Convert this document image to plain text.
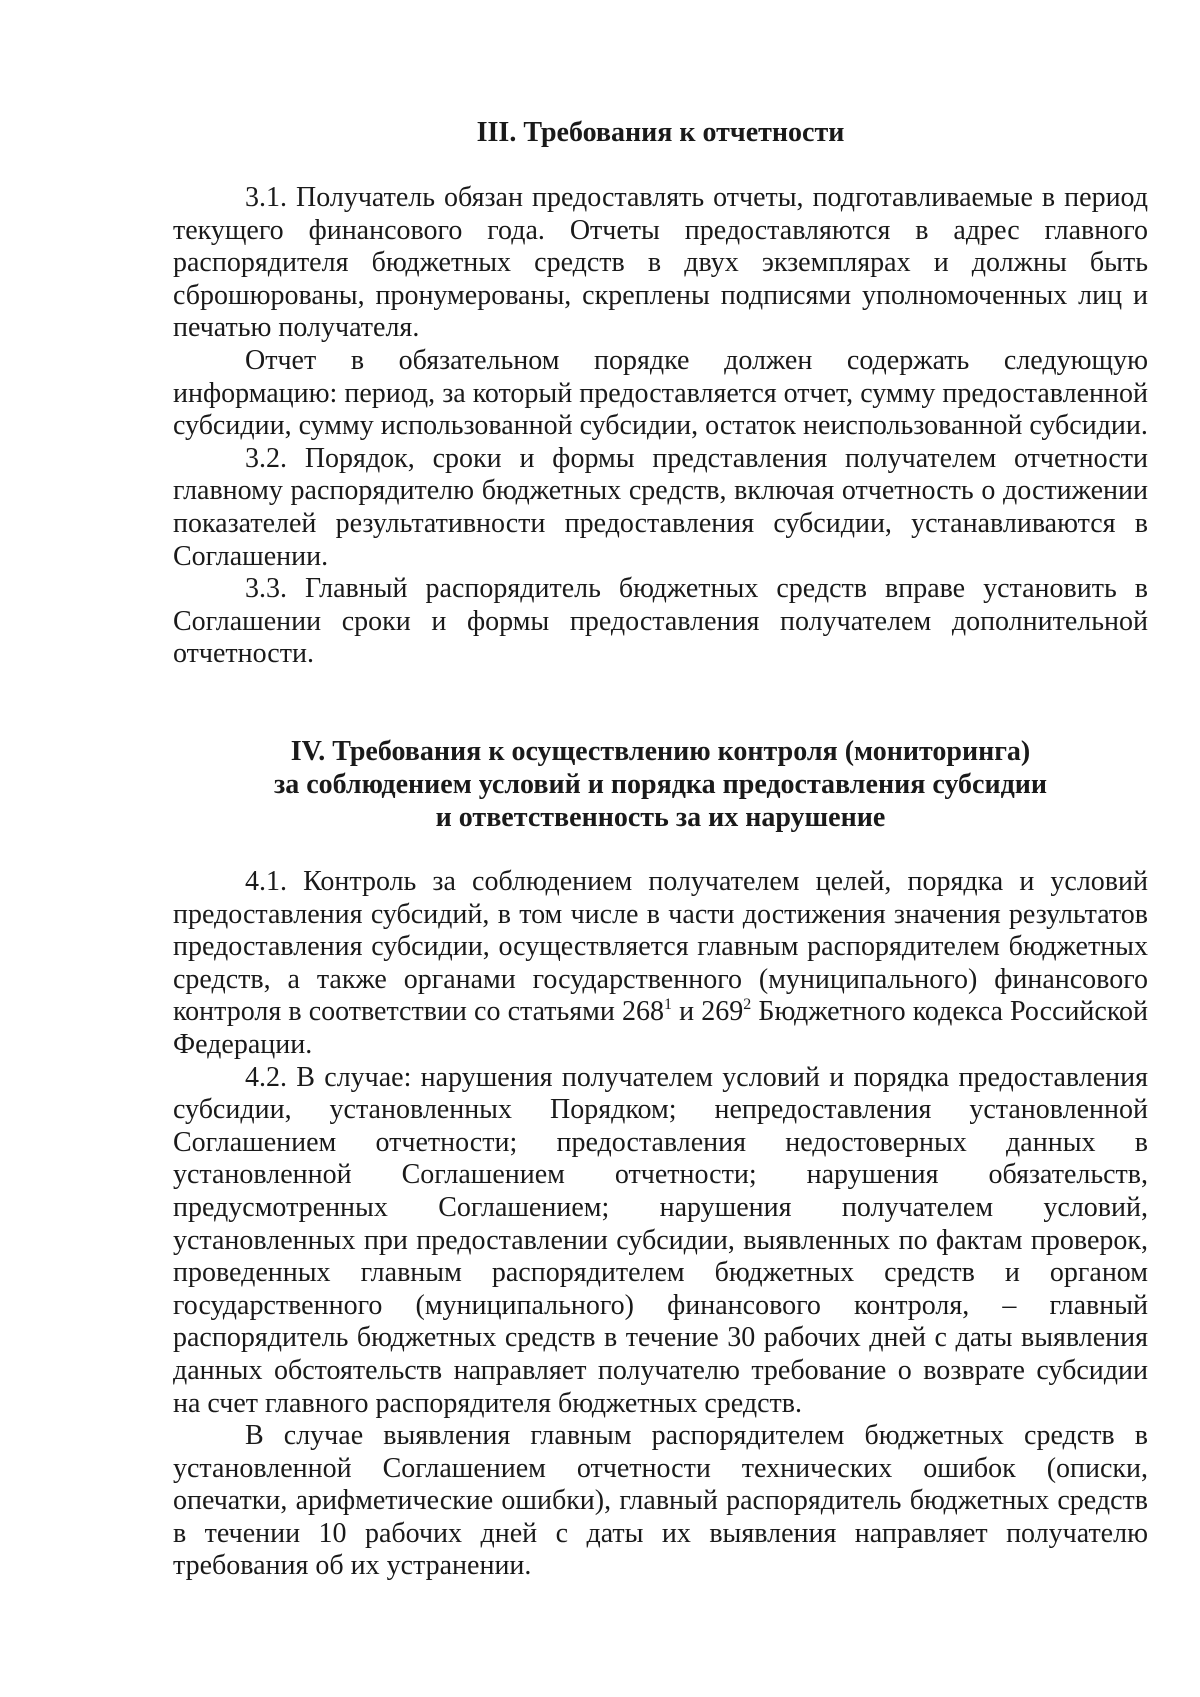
III. Требования к отчетности

3.1. Получатель обязан предоставлять отчеты, подготавливаемые в период текущего финансового года. Отчеты предоставляются в адрес главного распорядителя бюджетных средств в двух экземплярах и должны быть сброшюрованы, пронумерованы, скреплены подписями уполномоченных лиц и печатью получателя.

Отчет в обязательном порядке должен содержать следующую информацию: период, за который предоставляется отчет, сумму предоставленной субсидии, сумму использованной субсидии, остаток неиспользованной субсидии.

3.2. Порядок, сроки и формы представления получателем отчетности главному распорядителю бюджетных средств, включая отчетность о достижении показателей результативности предоставления субсидии, устанавливаются в Соглашении.

3.3. Главный распорядитель бюджетных средств вправе установить в Соглашении сроки и формы предоставления получателем дополнительной отчетности.

IV. Требования к осуществлению контроля (мониторинга)
за соблюдением условий и порядка предоставления субсидии
и ответственность за их нарушение

4.1. Контроль за соблюдением получателем целей, порядка и условий предоставления субсидий, в том числе в части достижения значения результатов предоставления субсидии, осуществляется главным распорядителем бюджетных средств, а также органами государственного (муниципального) финансового контроля в соответствии со статьями $268^1$ и $269^2$ Бюджетного кодекса Российской Федерации.

4.2. В случае: нарушения получателем условий и порядка предоставления субсидии, установленных Порядком; непредоставления установленной Соглашением отчетности; предоставления недостоверных данных в установленной Соглашением отчетности; нарушения обязательств, предусмотренных Соглашением; нарушения получателем условий, установленных при предоставлении субсидии, выявленных по фактам проверок, проведенных главным распорядителем бюджетных средств и органом государственного (муниципального) финансового контроля, – главный распорядитель бюджетных средств в течение 30 рабочих дней с даты выявления данных обстоятельств направляет получателю требование о возврате субсидии на счет главного распорядителя бюджетных средств.

В случае выявления главным распорядителем бюджетных средств в установленной Соглашением отчетности технических ошибок (описки, опечатки, арифметические ошибки), главный распорядитель бюджетных средств в течении 10 рабочих дней с даты их выявления направляет получателю требования об их устранении.
